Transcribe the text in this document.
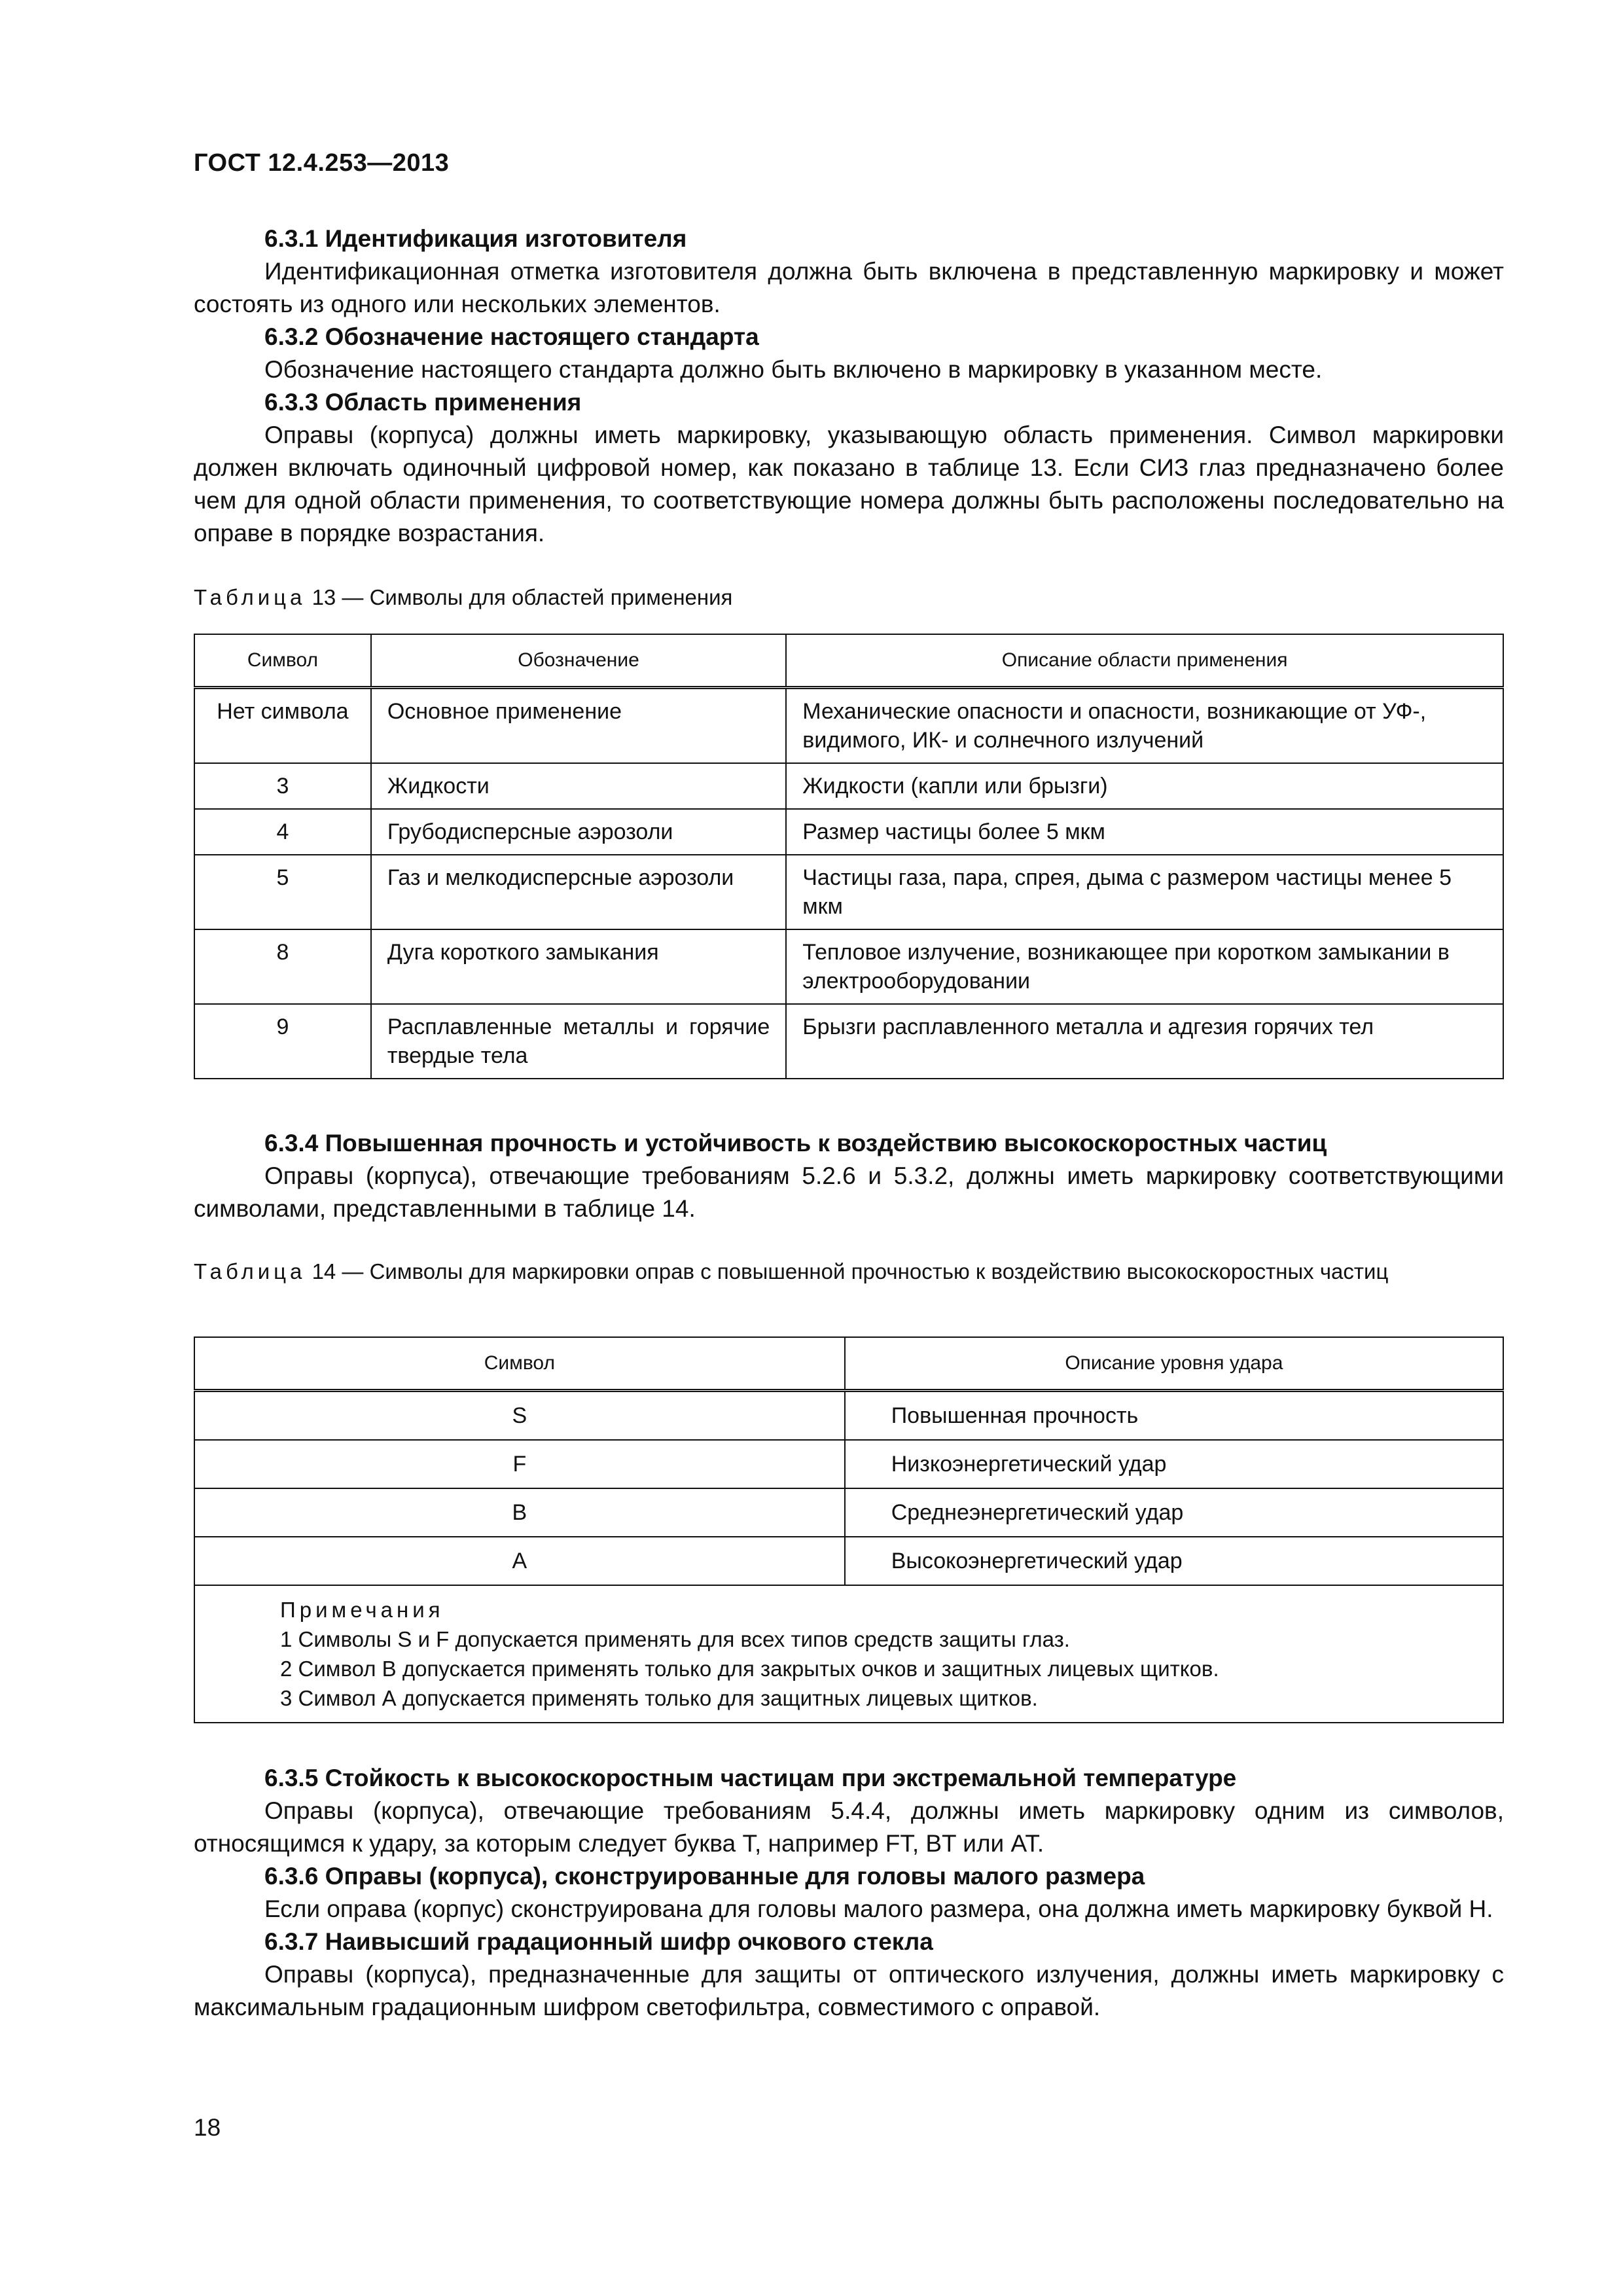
ГОСТ 12.4.253—2013
6.3.1 Идентификация изготовителя
Идентификационная отметка изготовителя должна быть включена в представленную маркировку и может состоять из одного или нескольких элементов.
6.3.2 Обозначение настоящего стандарта
Обозначение настоящего стандарта должно быть включено в маркировку в указанном месте.
6.3.3 Область применения
Оправы (корпуса) должны иметь маркировку, указывающую область применения. Символ маркировки должен включать одиночный цифровой номер, как показано в таблице 13. Если СИЗ глаз предназначено более чем для одной области применения, то соответствующие номера должны быть расположены последовательно на оправе в порядке возрастания.
Таблица 13 — Символы для областей применения
Символ	Обозначение	Описание области применения
Нет символа	Основное применение	Механические опасности и опасности, возникающие от УФ-, видимого, ИК- и солнечного излучений
3	Жидкости	Жидкости (капли или брызги)
4	Грубодисперсные аэрозоли	Размер частицы более 5 мкм
5	Газ и мелкодисперсные аэрозоли	Частицы газа, пара, спрея, дыма с размером частицы менее 5 мкм
8	Дуга короткого замыкания	Тепловое излучение, возникающее при коротком замыкании в электрооборудовании
9	Расплавленные металлы и горячие твердые тела	Брызги расплавленного металла и адгезия горячих тел
6.3.4 Повышенная прочность и устойчивость к воздействию высокоскоростных частиц
Оправы (корпуса), отвечающие требованиям 5.2.6 и 5.3.2, должны иметь маркировку соответствующими символами, представленными в таблице 14.
Таблица 14 — Символы для маркировки оправ с повышенной прочностью к воздействию высокоскоростных частиц
Символ	Описание уровня удара
S	Повышенная прочность
F	Низкоэнергетический удар
B	Среднеэнергетический удар
A	Высокоэнергетический удар

Примечания
1 Символы S и F допускается применять для всех типов средств защиты глаз.
2 Символ В допускается применять только для закрытых очков и защитных лицевых щитков.
3 Символ А допускается применять только для защитных лицевых щитков.	
6.3.5 Стойкость к высокоскоростным частицам при экстремальной температуре
Оправы (корпуса), отвечающие требованиям 5.4.4, должны иметь маркировку одним из символов, относящимся к удару, за которым следует буква Т, например FT, BT или AT.
6.3.6 Оправы (корпуса), сконструированные для головы малого размера
Если оправа (корпус) сконструирована для головы малого размера, она должна иметь маркировку буквой Н.
6.3.7 Наивысший градационный шифр очкового стекла
Оправы (корпуса), предназначенные для защиты от оптического излучения, должны иметь маркировку с максимальным градационным шифром светофильтра, совместимого с оправой.
18
